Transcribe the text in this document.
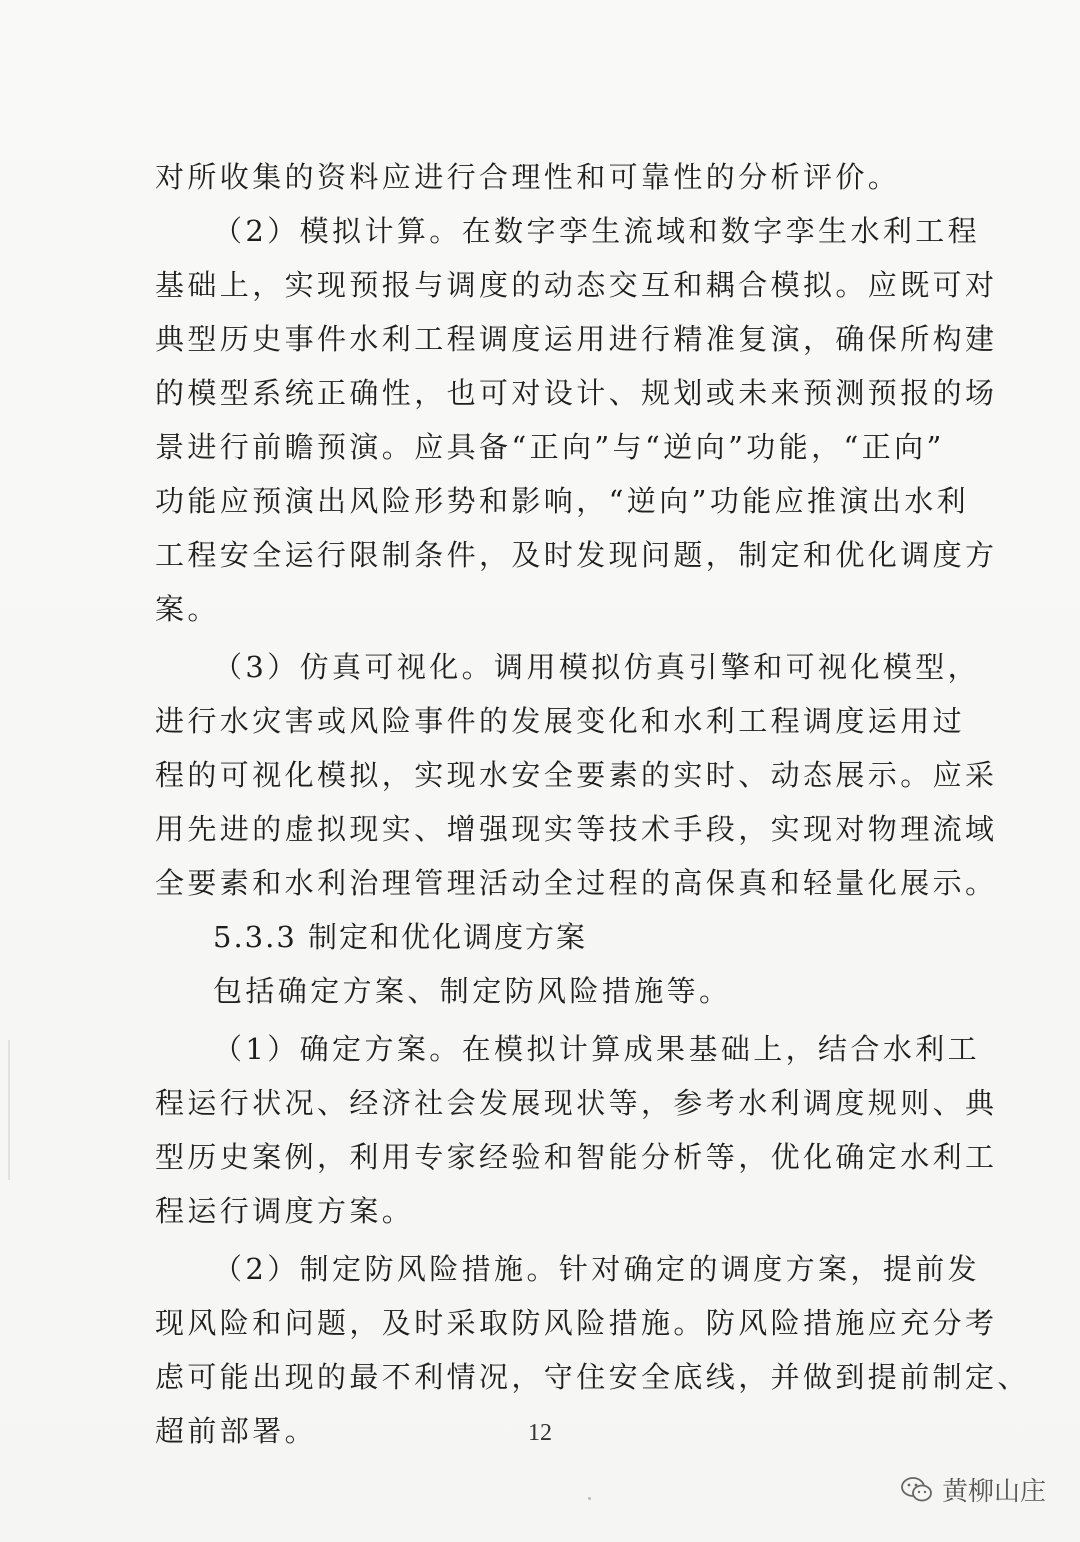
对所收集的资料应进行合理性和可靠性的分析评价。
（2）模拟计算。在数字孪生流域和数字孪生水利工程
基础上，实现预报与调度的动态交互和耦合模拟。应既可对
典型历史事件水利工程调度运用进行精准复演，确保所构建
的模型系统正确性，也可对设计、规划或未来预测预报的场
景进行前瞻预演。应具备“正向”与“逆向”功能，“正向”
功能应预演出风险形势和影响，“逆向”功能应推演出水利
工程安全运行限制条件，及时发现问题，制定和优化调度方
案。
（3）仿真可视化。调用模拟仿真引擎和可视化模型，
进行水灾害或风险事件的发展变化和水利工程调度运用过
程的可视化模拟，实现水安全要素的实时、动态展示。应采
用先进的虚拟现实、增强现实等技术手段，实现对物理流域
全要素和水利治理管理活动全过程的高保真和轻量化展示。
5.3.3 制定和优化调度方案
包括确定方案、制定防风险措施等。
（1）确定方案。在模拟计算成果基础上，结合水利工
程运行状况、经济社会发展现状等，参考水利调度规则、典
型历史案例，利用专家经验和智能分析等，优化确定水利工
程运行调度方案。
（2）制定防风险措施。针对确定的调度方案，提前发
现风险和问题，及时采取防风险措施。防风险措施应充分考
虑可能出现的最不利情况，守住安全底线，并做到提前制定、
超前部署。	12
黄柳山庄
